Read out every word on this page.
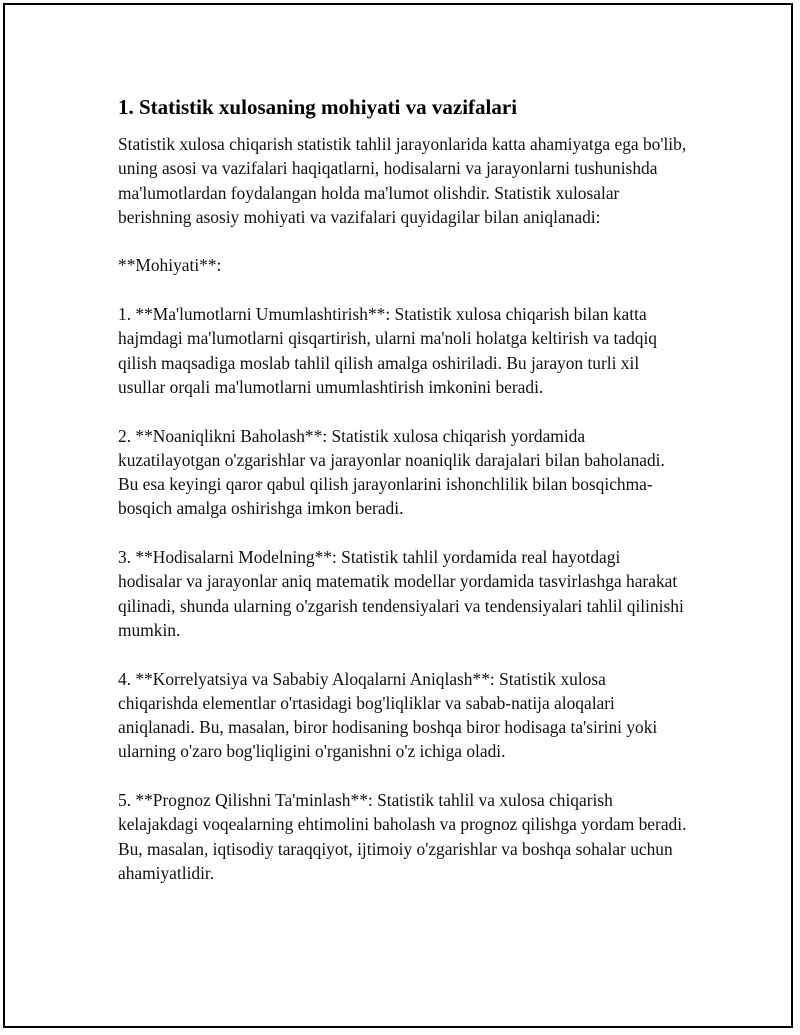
1. Statistik xulosaning mohiyati va vazifalari

Statistik xulosa chiqarish statistik tahlil jarayonlarida katta ahamiyatga ega bo'lib, uning asosi va vazifalari haqiqatlarni, hodisalarni va jarayonlarni tushunishda ma'lumotlardan foydalangan holda ma'lumot olishdir. Statistik xulosalar berishning asosiy mohiyati va vazifalari quyidagilar bilan aniqlanadi:

**Mohiyati**:

1. **Ma'lumotlarni Umumlashtirish**: Statistik xulosa chiqarish bilan katta hajmdagi ma'lumotlarni qisqartirish, ularni ma'noli holatga keltirish va tadqiq qilish maqsadiga moslab tahlil qilish amalga oshiriladi. Bu jarayon turli xil usullar orqali ma'lumotlarni umumlashtirish imkonini beradi.

2. **Noaniqlikni Baholash**: Statistik xulosa chiqarish yordamida kuzatilayotgan o'zgarishlar va jarayonlar noaniqlik darajalari bilan baholanadi. Bu esa keyingi qaror qabul qilish jarayonlarini ishonchlilik bilan bosqichma-bosqich amalga oshirishga imkon beradi.

3. **Hodisalarni Modelning**: Statistik tahlil yordamida real hayotdagi hodisalar va jarayonlar aniq matematik modellar yordamida tasvirlashga harakat qilinadi, shunda ularning o'zgarish tendensiyalari va tendensiyalari tahlil qilinishi mumkin.

4. **Korrelyatsiya va Sababiy Aloqalarni Aniqlash**: Statistik xulosa chiqarishda elementlar o'rtasidagi bog'liqliklar va sabab-natija aloqalari aniqlanadi. Bu, masalan, biror hodisaning boshqa biror hodisaga ta'sirini yoki ularning o'zaro bog'liqligini o'rganishni o'z ichiga oladi.

5. **Prognoz Qilishni Ta'minlash**: Statistik tahlil va xulosa chiqarish kelajakdagi voqealarning ehtimolini baholash va prognoz qilishga yordam beradi. Bu, masalan, iqtisodiy taraqqiyot, ijtimoiy o'zgarishlar va boshqa sohalar uchun ahamiyatlidir.
